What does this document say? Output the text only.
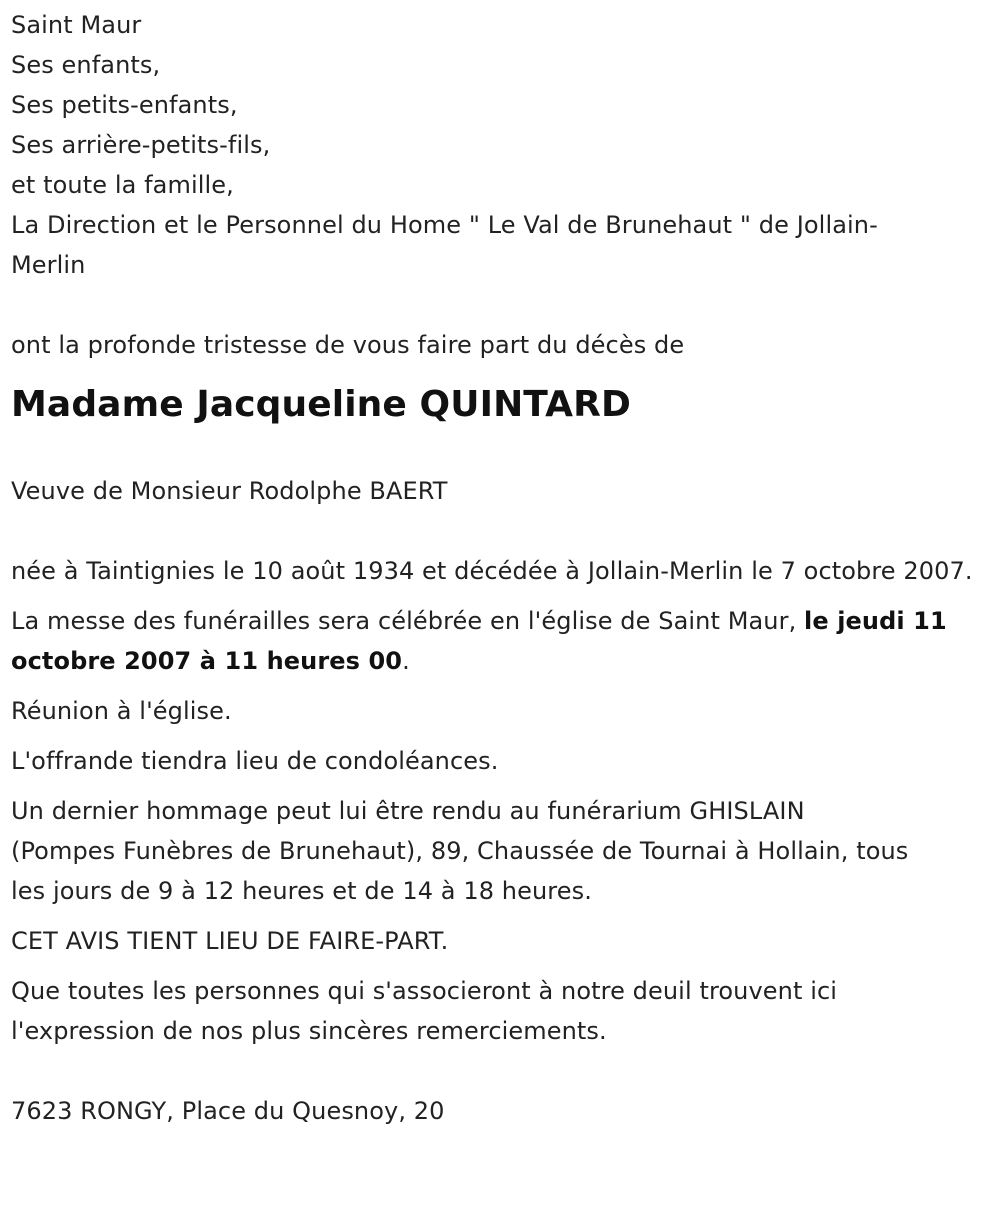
Saint Maur
Ses enfants,
Ses petits-enfants,
Ses arrière-petits-fils,
et toute la famille,
La Direction et le Personnel du Home " Le Val de Brunehaut " de Jollain-
Merlin
ont la profonde tristesse de vous faire part du décès de
Madame Jacqueline QUINTARD
Veuve de Monsieur Rodolphe BAERT
née à Taintignies le 10 août 1934 et décédée à Jollain-Merlin le 7 octobre 2007.
La messe des funérailles sera célébrée en l'église de Saint Maur, le jeudi 11 octobre 2007 à 11 heures 00.
Réunion à l'église.
L'offrande tiendra lieu de condoléances.
Un dernier hommage peut lui être rendu au funérarium GHISLAIN (Pompes Funèbres de Brunehaut), 89, Chaussée de Tournai à Hollain, tous les jours de 9 à 12 heures et de 14 à 18 heures.
CET AVIS TIENT LIEU DE FAIRE-PART.
Que toutes les personnes qui s'associeront à notre deuil trouvent ici l'expression de nos plus sincères remerciements.
7623 RONGY, Place du Quesnoy, 20
